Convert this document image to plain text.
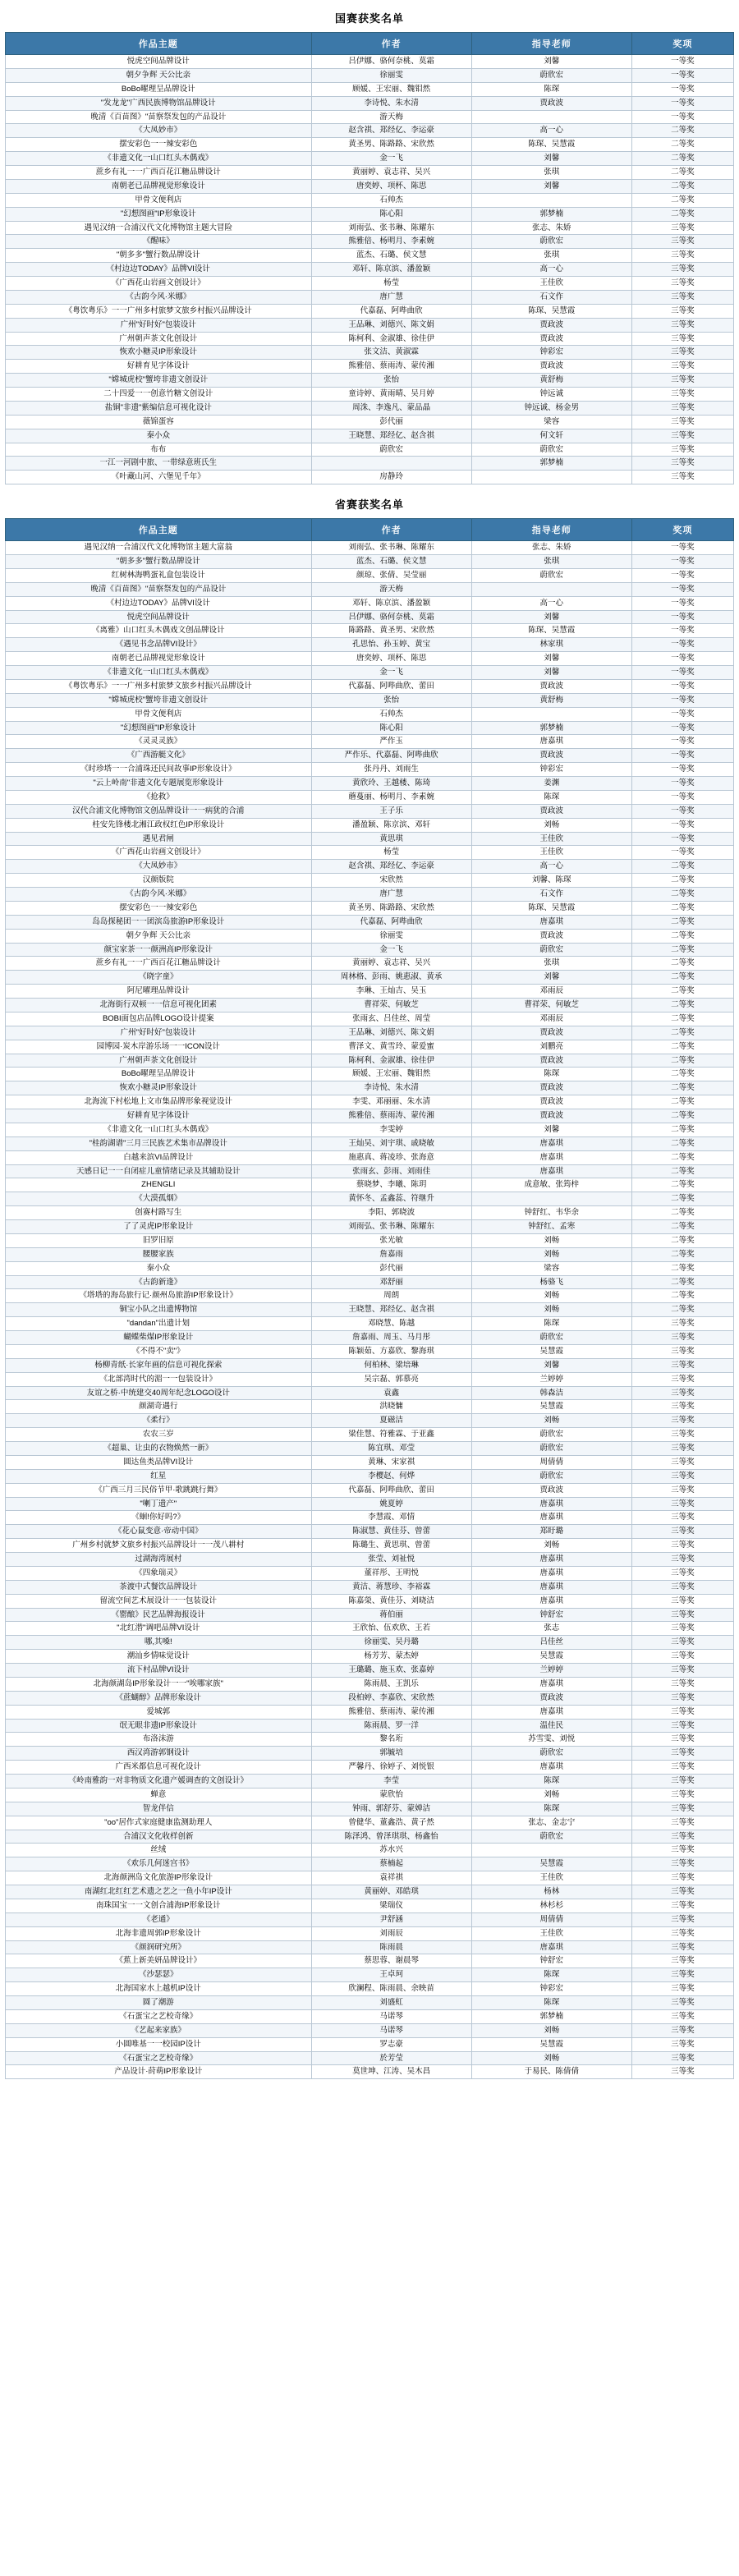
国赛获奖名单
作品主题	作者	指导老师	奖项
悦虎空间品牌设计	吕伊娜、骆何奈桃、莫霜	刘馨	一等奖
朝夕争辉 天公比亲	徐丽雯	蔚欣宏	一等奖
BoBo曜理呈品牌设计	顾媛、王宏丽、魏钼然	陈琛	一等奖
"发龙龙"广西民族博物馆品牌设计	李诗悦、朱水清	贾政波	一等奖
晚清《百苗图》"苗察祭发包的产品设计	游天梅		一等奖
《大凤妙市》	赵含祺、郑经亿、李运豪	高一心	二等奖
摆安彩色一一辣安彩色	黄圣男、陈路路、宋欣然	陈琛、吴慧霞	二等奖
《非遗文化一山口红头木偶戏》	金一飞	刘馨	二等奖
蔗乡有礼一一广西百花江糖品牌设计	黄丽婷、袁志祥、吴兴	张琪	二等奖
南朝老已品牌视觉形象设计	唐奕婷、项杯、陈思	刘馨	二等奖
甲骨文便利店	石帅杰		二等奖
"幻想图画"IP形象设计	陈心阳	郭梦楠	二等奖
遇见汉纳一合浦汉代文化博物馆主题大冒险	刘雨弘、张书琳、陈耀东	张志、朱娇	三等奖
《醒味》	熊雅倍、杨明月、李素婉	蔚欣宏	三等奖
"朝多多"蟹行数品牌设计	蓝杰、石璐、侯文慧	张琪	三等奖
《村边边TODAY》品牌VI设计	邓轩、陈京滨、潘盈颖	高一心	三等奖
《广西花山岩画文创设计》	杨莹	王佳欣	三等奖
《古韵今风·米娜》	唐广慧	石文作	三等奖
《粤饮粤乐》一一广州多村旅梦文旅乡村振兴品牌设计	代嘉磊、阿哔曲欣	陈琛、吴慧霞	三等奖
广州"好时好"包装设计	王品琳、刘德兴、陈文娟	贾政波	三等奖
广州朝声茶文化创设计	陈柯利、金淑雄、徐佳伊	贾政波	三等奖
恢欢小糖灵IP形象设计	张文洁、黄淑霖	钟彩宏	三等奖
好耕育见字体设计	熊雅倍、蔡雨涛、蒙传湘	贾政波	三等奖
"嫦城虎校"蟹垮非遗文创设计	张怡	黄舒梅	三等奖
二十四爱一一创意竹糖文创设计	童诗婷、黄雨晴、吴月婷	钟远诚	三等奖
盐铜"非遗"紫编信息可视化设计	周洙、李逸凡、蒙品晶	钟远诚、杨金男	三等奖
薇锦蛋容	彭代丽	梁容	三等奖
秦小众	王晓慧、郑经亿、赵含祺	何文轩	三等奖
布布	蔚欣宏	蔚欣宏	三等奖
一江一河剧中旅、一带绿意班氏生		郭梦楠	三等奖
《叶藏山河、六堡见千年》	房静玲		三等奖
省赛获奖名单
作品主题	作者	指导老师	奖项
遇见汉纳一合浦汉代文化博物馆主题大富翁	刘雨弘、张书琳、陈耀东	张志、朱娇	一等奖
"朝多多"蟹行数品牌设计	蓝杰、石璐、侯文慧	张琪	一等奖
红树林海鸭蛋礼盒包装设计	颜琼、张倩、吴莹丽	蔚欣宏	一等奖
晚清《百苗图》"苗察祭发包的产品设计	游天梅		一等奖
《村边边TODAY》品牌VI设计	邓轩、陈京滨、潘盈颖	高一心	一等奖
悦虎空间品牌设计	吕伊娜、骆何奈桃、莫霜	刘馨	一等奖
《离雅》山口红头木偶戏文创品牌设计	陈路路、黄圣男、宋欣然	陈琛、吴慧霞	一等奖
《遇见书念品牌VI设计》	孔思怡、孙玉婷、黄宝	林家琪	一等奖
南朝老已品牌视觉形象设计	唐奕婷、项杯、陈思	刘馨	一等奖
《非遗文化一山口红头木偶戏》	金一飞	刘馨	一等奖
《粤饮粤乐》一一广州多村旅梦文旅乡村振兴品牌设计	代嘉磊、阿哔曲欣、蕾田	贾政波	一等奖
"嫦城虎校"蟹垮非遗文创设计	张怡	黄舒梅	一等奖
甲骨文便利店	石帅杰		一等奖
"幻想图画"IP形象设计	陈心阳	郭梦楠	一等奖
《灵灵灵族》	严作玉	唐嘉琪	一等奖
《广西游艇文化》	严作乐、代嘉磊、阿哔曲欣	贾政波	一等奖
《时珍塔一一合浦珠还民间故事IP形象设计》	张丹丹、刘雨生	钟彩宏	一等奖
"云上岭南"非遗文化专题展览形象设计	黄欣玲、王越楼、陈琦	姜渊	一等奖
《抢救》	蘑蔓丽、杨明月、李素婉	陈琛	一等奖
汉代合浦文化博物馆文创品牌设计一一病犹的合浦	王子乐	贾政波	一等奖
桂安先锋楼北湘江政权红色IP形象设计	潘盈颖、陈京滨、邓轩	刘畅	一等奖
遇见君闸	黄思琪	王佳欣	一等奖
《广西花山岩画文创设计》	杨莹	王佳欣	一等奖
《大凤妙市》	赵含祺、郑经亿、李运豪	高一心	二等奖
汉颜版院	宋欣然	刘馨、陈琛	二等奖
《古韵今风·米娜》	唐广慧	石文作	二等奖
摆安彩色一一辣安彩色	黄圣男、陈路路、宋欣然	陈琛、吴慧霞	二等奖
岛岛探秘团一一团滨岛旅游IP形象设计	代嘉磊、阿哔曲欣	唐嘉琪	二等奖
朝夕争辉 天公比亲	徐丽雯	贾政波	二等奖
颜宝家茶一一颜洲高IP形象设计	金一飞	蔚欣宏	二等奖
蔗乡有礼一一广西百花江糖品牌设计	黄丽婷、袁志祥、吴兴	张琪	二等奖
《晓字童》	周林格、彭雨、姚惠淑、黄承	刘馨	二等奖
阿尼曜理品牌设计	李琳、王灿吉、吴玉	邓雨辰	二等奖
北海街行双顿一一信息可视化团素	曹祥荣、何敏芝	曹祥荣、何敏芝	二等奖
BOBI面包店品牌LOGO设计提案	张雨玄、吕佳丝、周莹	邓雨辰	二等奖
广州"好时好"包装设计	王品琳、刘德兴、陈文娟	贾政波	二等奖
园博园·炭木岸游乐场一一ICON设计	曹泽文、黄雪玲、蒙爱蜜	刘鹏亮	二等奖
广州朝声茶文化创设计	陈柯利、金淑雄、徐佳伊	贾政波	二等奖
BoBo曜理呈品牌设计	顾媛、王宏丽、魏钼然	陈琛	二等奖
恢欢小糖灵IP形象设计	李诗悦、朱水清	贾政波	二等奖
北海流下村松地上文市集品牌形象视觉设计	李雯、邓丽丽、朱水清	贾政波	二等奖
好耕育见字体设计	熊雅倍、蔡雨涛、蒙传湘	贾政波	二等奖
《非遗文化一山口红头木偶戏》	李雯婷	刘馨	二等奖
"桂韵湖谱"三月三民族艺术集市品牌设计	王灿吴、刘宇琪、戚晓敏	唐嘉琪	二等奖
白越来滨VI品牌设计	施惠真、蒋凌珍、张海意	唐嘉琪	二等奖
天感日记一一自闭症儿童情绪记录及其辅助设计	张雨玄、彭雨、刘雨佳	唐嘉琪	二等奖
ZHENGLI	蔡晓梦、李曦、陈玥	成意敏、张筠梓	二等奖
《大漠孤烟》	黄怀冬、孟鑫蕊、符继升		二等奖
创赛村路写生	李阳、郭晓波	钟舒红、韦华余	二等奖
了了灵虎IP形象设计	刘雨弘、张书琳、陈耀东	钟舒红、孟寒	二等奖
旧罗旧原	张光敏	刘畅	二等奖
腰腰家族	詹嘉雨	刘畅	二等奖
秦小众	彭代丽	梁容	二等奖
《古韵新逢》	邓舒丽	杨骆飞	二等奖
《塔塔的海岛旅行记·颜州岛旅游IP形象设计》	周朗	刘畅	二等奖
铜宝小队之出遗博物馆	王晓慧、郑经亿、赵含祺	刘畅	二等奖
"dandan"出遗计划	邓晓慧、陈越	陈琛	三等奖
蝴蝶柴煤IP形象设计	詹嘉雨、周玉、马月彤	蔚欣宏	三等奖
《不得不"卖"》	陈颖茹、方嘉欣、黎海琪	吴慧霞	三等奖
杨柳青纸·长家年画的信息可视化探索	何柏林、梁培琳	刘馨	三等奖
《北部湾时代的湄一一包装设计》	吴宗磊、郭慕亮	兰婷婷	三等奖
友谊之桥·中统建交40周年纪念LOGO设计	袁鑫	韩森洁	三等奖
颜湖奇遇行	洪晓慵	吴慧霞	三等奖
《柔行》	夏磁洁	刘畅	三等奖
农农三岁	梁佳慧、符雅霖、于亚鑫	蔚欣宏	三等奖
《超巢、让虫的衣物焕然一新》	陈宜琪、邓莹	蔚欣宏	三等奖
圆达鱼类品牌VI设计	黄琳、宋家祺	周倩倩	三等奖
红星	李樱赵、何烨	蔚欣宏	三等奖
《广西三月三民俗节甲·歌跳跳行舞》	代嘉磊、阿哔曲欣、蕾田	贾政波	三等奖
"喇丁遗产"	姚夏婷	唐嘉琪	三等奖
《蛔!你好吗?》	李慧霞、邓情	唐嘉琪	三等奖
《花心鼠变意·帝动中国》	陈淑慧、黄佳芬、曾蕾	郑盱璐	三等奖
广州乡村就梦文旅乡村振兴品牌设计一一茂八耕村	陈璐生、黄思琪、曾蕾	刘畅	三等奖
过湖海湾展村	张莹、刘祉悦	唐嘉琪	三等奖
《四象瑞灵》	董祥彤、王明悦	唐嘉琪	三等奖
茶渡中式餐饮品牌设计	黄洁、蒋慧珍、李裕霖	唐嘉琪	三等奖
留流空间艺术展设计一一包装设计	陈嘉榮、黄佳芬、刘晓洁	唐嘉琪	三等奖
《罂酿》民艺品牌海报设计	蒋伯丽	钟舒宏	三等奖
"北红潜"调吧品牌VI设计	王欣怡、伍欢欣、王若	张志	三等奖
哪,其嗓!	徐丽雯、吴丹璐	吕佳丝	三等奖
潮汕乡情味觉设计	杨芳芳、蒙杰婷	吴慧霞	三等奖
流下村品牌VI设计	王璐璐、施玉欢、张嘉婷	兰婷婷	三等奖
北海颜湖岛IP形象设计一一"唉哪家族"	陈雨晨、王凯乐	唐嘉琪	三等奖
《蔗蝴醇》品牌形象设计	段柏婷、李嘉欣、宋欣然	贾政波	三等奖
爱城郭	熊雅倍、蔡雨涛、蒙传湘	唐嘉琪	三等奖
氓无眼非遗IP形象设计	陈雨晨、罗一洋	温佳民	三等奖
布洛沫游	黎名珩	苏雪雯、刘悦	三等奖
西汉湾游郭钢设计	郭毓培	蔚欣宏	三等奖
广西米都信息可视化设计	严馨丹、徐婷子、刘悦银	唐嘉琪	三等奖
《岭南雅韵一对非物质文化遗产媛调查的文创设计》	李莹	陈琛	三等奖
蝉意	蒙欣怡	刘畅	三等奖
智龙伴信	钟雨、郭舒芬、蒙婵洁	陈琛	三等奖
"oo"居作式家庭健康监测助理人	曾健华、董鑫浩、黄子然	张志、金志宁	三等奖
合浦汉文化收样创新	陈泽鸿、曾泽琪琪、杨鑫怡	蔚欣宏	三等奖
丝绒	苏水兴		三等奖
《欢乐几何迷宫书》	蔡楠起	吴慧霞	三等奖
北海颜洲岛文化旅游IP形象设计	袁祥祺	王佳欣	三等奖
南湖红北红红艺术遗之艺之一鱼小年IP设计	黄丽婷、邓皓琪	杨林	三等奖
南珠国宝一一文创合浦海IP形象设计	梁瑞仪	林杉杉	三等奖
《老通》	尹舒涵	周倩倩	三等奖
北海非遗周郭IP形象设计	刘雨辰	王佳欣	三等奖
《颜润研究所》	陈雨晨	唐嘉琪	三等奖
《蕉上新美妍品牌设计》	蔡思蓉、谢晨琴	钟舒宏	三等奖
《沙瑟瑟》	王卓珂	陈琛	三等奖
北海国家水上越机IP设计	欣澜程、陈雨晨、余映苗	钟彩宏	三等奖
圆了潮游	刘盛虹	陈琛	三等奖
《石蛋宝之艺校奇缘》	马诺琴	郭梦楠	三等奖
《艺起来家族》	马诺琴	刘畅	三等奖
小圆唯基一一校园IP设计	罗志豪	吴慧霞	三等奖
《石蛋宝之艺校奇缘》	於芳莹	刘畅	三等奖
产品设计·莳萌IP形象设计	莫世坤、江涛、吴木昌	于易民、陈倩倩	三等奖
